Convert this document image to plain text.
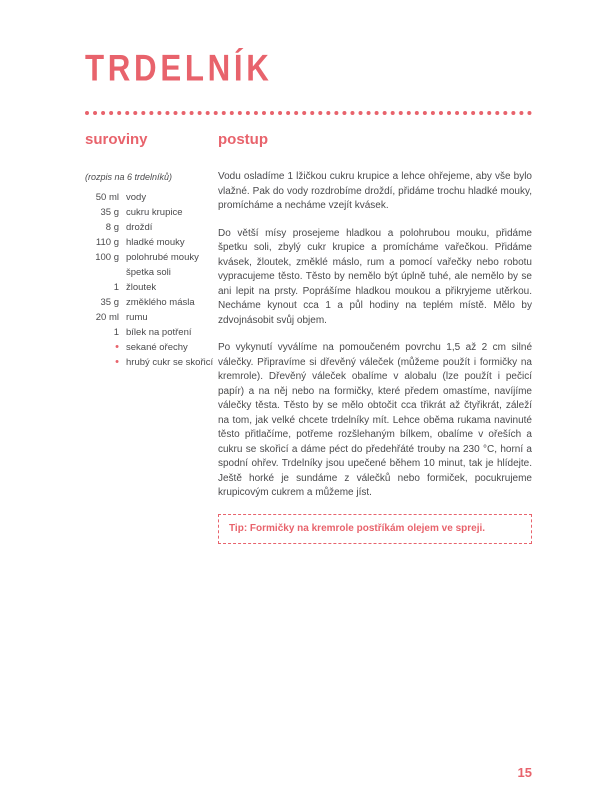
TRDELNÍK
suroviny

(rozpis na 6 trdelníků)

50 ml vody
35 g cukru krupice
8 g droždí
110 g hladké mouky
100 g polohrubé mouky
špetka soli
1 žloutek
35 g změklého másla
20 ml rumu
1 bílek na potření
• sekané ořechy
• hrubý cukr se skořicí
postup

Vodu osladíme 1 lžičkou cukru krupice a lehce ohřejeme, aby vše bylo vlažné. Pak do vody rozdrobíme droždí, přidáme trochu hladké mouky, promícháme a necháme vzejít kvásek.

Do větší mísy prosejeme hladkou a polohrubou mouku, přidáme špetku soli, zbylý cukr krupice a promícháme vařečkou. Přidáme kvásek, žloutek, změklé máslo, rum a pomocí vařečky nebo robotu vypracujeme těsto. Těsto by nemělo být úplně tuhé, ale nemělo by se ani lepit na prsty. Poprášíme hladkou moukou a přikryjeme utěrkou. Necháme kynout cca 1 a půl hodiny na teplém místě. Mělo by zdvojnásobit svůj objem.

Po vykynutí vyválíme na pomoučeném povrchu 1,5 až 2 cm silné válečky. Připravíme si dřevěný váleček (můžeme použít i formičky na kremrole). Dřevěný váleček obalíme v alobalu (lze použít i pečicí papír) a na něj nebo na formičky, které předem omastíme, navíjíme válečky těsta. Těsto by se mělo obtočit cca třikrát až čtyřikrát, záleží na tom, jak velké chcete trdelníky mít. Lehce oběma rukama navinuté těsto přitlačíme, potřeme rozšlehaným bílkem, obalíme v ořeších a cukru se skořicí a dáme péct do předehřáté trouby na 230 °C, horní a spodní ohřev. Trdelníky jsou upečené během 10 minut, tak je hlídejte. Ještě horké je sundáme z válečků nebo formiček, pocukrujeme krupicovým cukrem a můžeme jíst.

Tip: Formičky na kremrole postříkám olejem ve spreji.
15
